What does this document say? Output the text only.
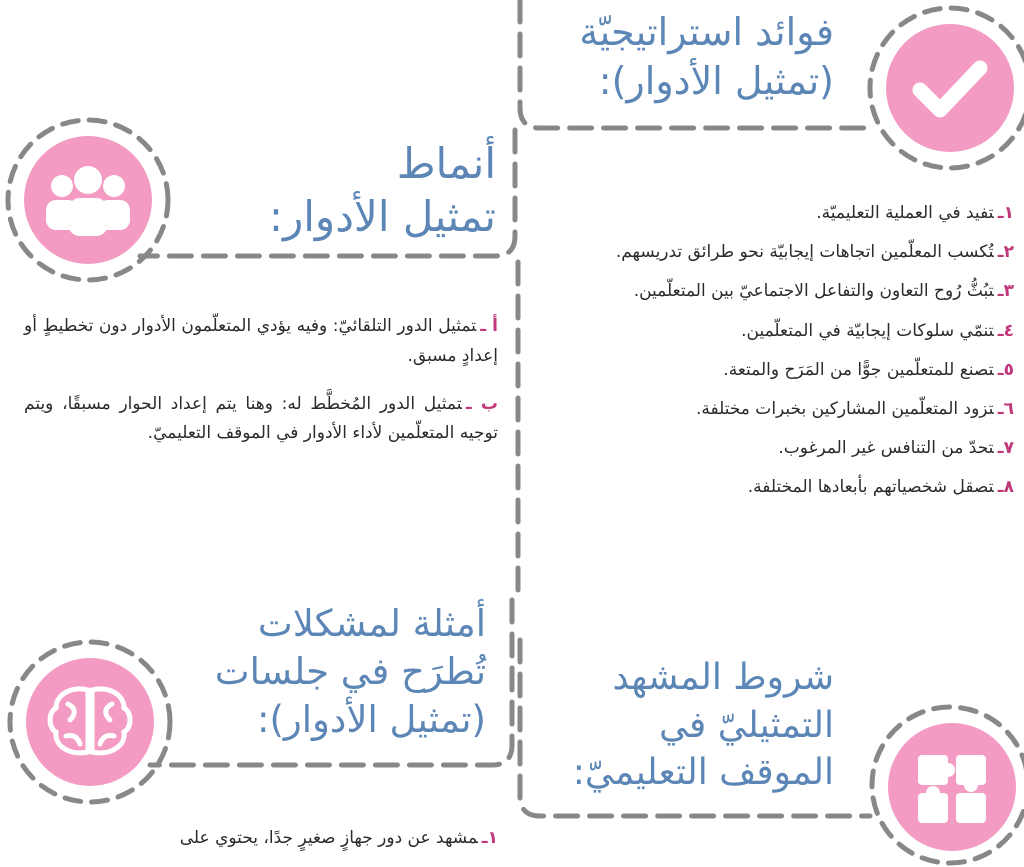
فوائد استراتيجيّة
(تمثيل الأدوار):
أنماط
تمثيل الأدوار:
أمثلة لمشكلات
تُطرَح في جلسات
(تمثيل الأدوار):
شروط المشهد
التمثيليّ في
الموقف التعليميّ:
١ـتفيد في العملية التعليميّة.
٢ـتُكسب المعلّمين اتجاهات إيجابيّة نحو طرائق تدريسهم.
٣ـتبُثُّ رُوح التعاون والتفاعل الاجتماعيّ بين المتعلّمين.
٤ـتنمّي سلوكات إيجابيّة في المتعلّمين.
٥ـتصنع للمتعلّمين جوًّا من المَرَح والمتعة.
٦ـتزود المتعلّمين المشاركين بخبرات مختلفة.
٧ـتحدّ من التنافس غير المرغوب.
٨ـتصقل شخصياتهم بأبعادها المختلفة.
أ ـتمثيل الدور التلقائيّ: وفيه يؤدي المتعلّمون الأدوار دون تخطيطٍ أو إعدادٍ مسبق.
ب ـتمثيل الدور المُخطَّط له: وهنا يتم إعداد الحوار مسبقًا، ويتم توجيه المتعلّمين لأداء الأدوار في الموقف التعليميّ.
١ـمشهد عن دور جهازٍ صغيرٍ جدًا، يحتوي على
